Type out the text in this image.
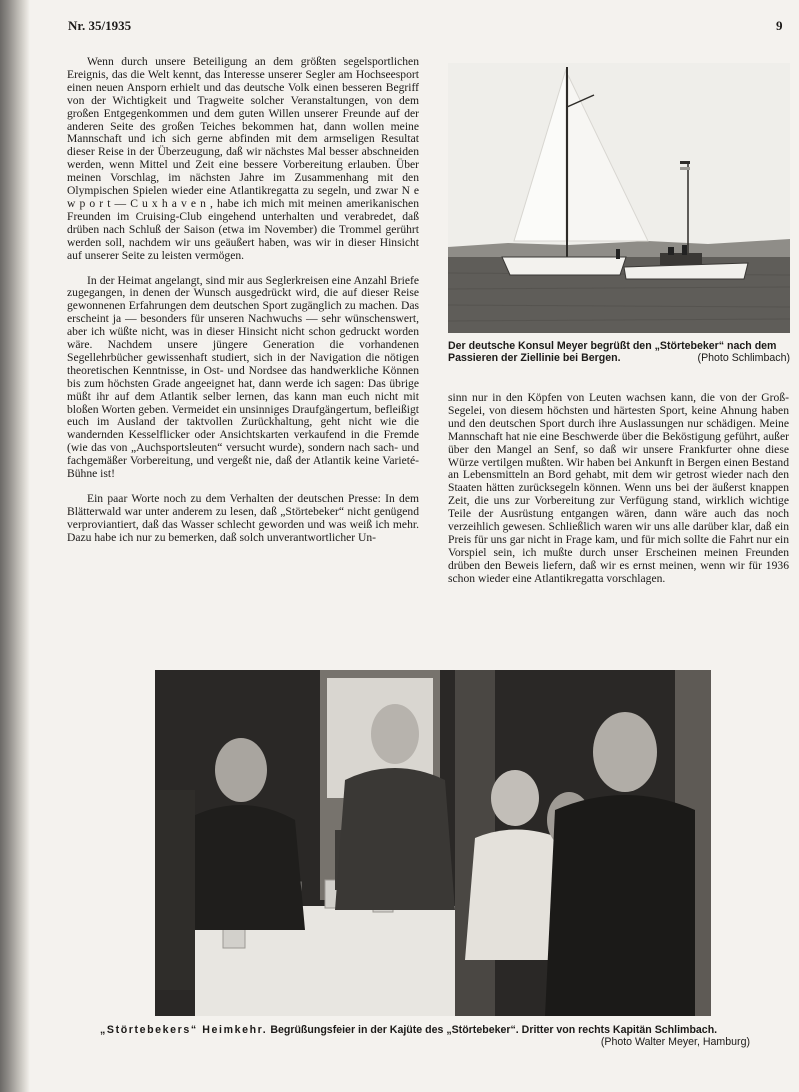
Nr. 35/1935	9

Wenn durch unsere Beteiligung an dem größten segelsportlichen Ereignis, das die Welt kennt, das Interesse unserer Segler am Hochseesport einen neuen Ansporn erhielt und das deutsche Volk einen besseren Begriff von der Wichtigkeit und Tragweite solcher Veranstaltungen, von dem großen Entgegenkommen und dem guten Willen unserer Freunde auf der anderen Seite des großen Teiches bekommen hat, dann wollen meine Mannschaft und ich sich gerne abfinden mit dem armseligen Resultat dieser Reise in der Überzeugung, daß wir nächstes Mal besser abschneiden werden, wenn Mittel und Zeit eine bessere Vorbereitung erlauben. Über meinen Vorschlag, im nächsten Jahre im Zusammenhang mit den Olympischen Spielen wieder eine Atlantikregatta zu segeln, und zwar N e w p o r t — C u x h a v e n , habe ich mich mit meinen amerikanischen Freunden im Cruising-Club eingehend unterhalten und verabredet, daß drüben nach Schluß der Saison (etwa im November) die Trommel gerührt werden soll, nachdem wir uns geäußert haben, was wir in dieser Hinsicht auf unserer Seite zu leisten vermögen.

In der Heimat angelangt, sind mir aus Seglerkreisen eine Anzahl Briefe zugegangen, in denen der Wunsch ausgedrückt wird, die auf dieser Reise gewonnenen Erfahrungen dem deutschen Sport zugänglich zu machen. Das erscheint ja — besonders für unseren Nachwuchs — sehr wünschenswert, aber ich wüßte nicht, was in dieser Hinsicht nicht schon gedruckt worden wäre. Nachdem unsere jüngere Generation die vorhandenen Segellehrbücher gewissenhaft studiert, sich in der Navigation die nötigen theoretischen Kenntnisse, in Ost- und Nordsee das handwerkliche Können bis zum höchsten Grade angeeignet hat, dann werde ich sagen: Das übrige müßt ihr auf dem Atlantik selber lernen, das kann man euch nicht mit bloßen Worten geben. Vermeidet ein unsinniges Draufgängertum, befleißigt euch im Ausland der taktvollen Zurückhaltung, geht nicht wie die wandernden Kesselflicker oder Ansichtskarten verkaufend in die Fremde (wie das von „Auchsportsleuten“ versucht wurde), sondern nach sach- und fachgemäßer Vorbereitung, und vergeßt nie, daß der Atlantik keine Varieté-Bühne ist!

Ein paar Worte noch zu dem Verhalten der deutschen Presse: In dem Blätterwald war unter anderem zu lesen, daß „Störtebeker“ nicht genügend verproviantiert, daß das Wasser schlecht geworden und was weiß ich mehr. Dazu habe ich nur zu bemerken, daß solch unverantwortlicher Un-

Der deutsche Konsul Meyer begrüßt den „Störtebeker“ nach dem Passieren der Ziellinie bei Bergen.	(Photo Schlimbach)

sinn nur in den Köpfen von Leuten wachsen kann, die von der Groß-Segelei, von diesem höchsten und härtesten Sport, keine Ahnung haben und den deutschen Sport durch ihre Auslassungen nur schädigen. Meine Mannschaft hat nie eine Beschwerde über die Beköstigung geführt, außer über den Mangel an Senf, so daß wir unsere Frankfurter ohne diese Würze vertilgen mußten. Wir haben bei Ankunft in Bergen einen Bestand an Lebensmitteln an Bord gehabt, mit dem wir getrost wieder nach den Staaten hätten zurücksegeln können. Wenn uns bei der äußerst knappen Zeit, die uns zur Vorbereitung zur Verfügung stand, wirklich wichtige Teile der Ausrüstung entgangen wären, dann wäre auch das noch verzeihlich gewesen. Schließlich waren wir uns alle darüber klar, daß ein Preis für uns gar nicht in Frage kam, und für mich sollte die Fahrt nur ein Vorspiel sein, ich mußte durch unser Erscheinen meinen Freunden drüben den Beweis liefern, daß wir es ernst meinen, wenn wir für 1936 schon wieder eine Atlantikregatta vorschlagen.

„Störtebekers“ Heimkehr. Begrüßungsfeier in der Kajüte des „Störtebeker“. Dritter von rechts Kapitän Schlimbach.
(Photo Walter Meyer, Hamburg)
